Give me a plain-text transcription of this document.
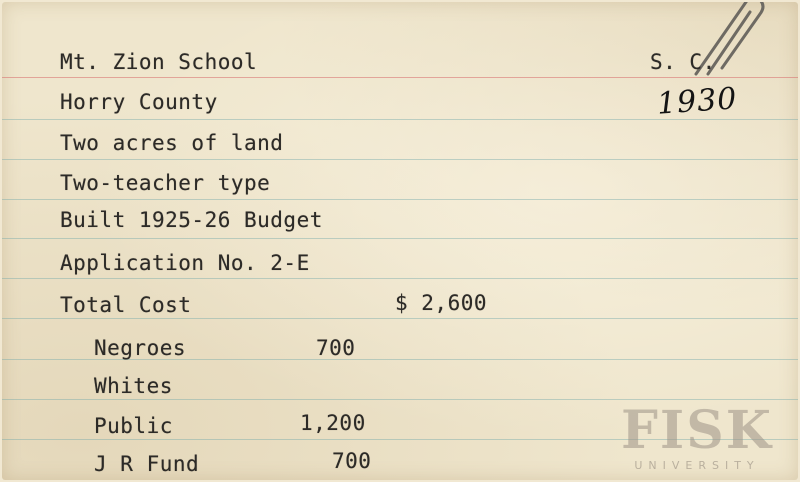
Mt. Zion School	S. C.
Horry County	1930
Two acres of land
Two-teacher type
Built 1925-26 Budget
Application No. 2-E
Total Cost	$ 2,600
Negroes	700
Whites
Public	1,200
J R Fund	700	FISK
UNIVERSITY
